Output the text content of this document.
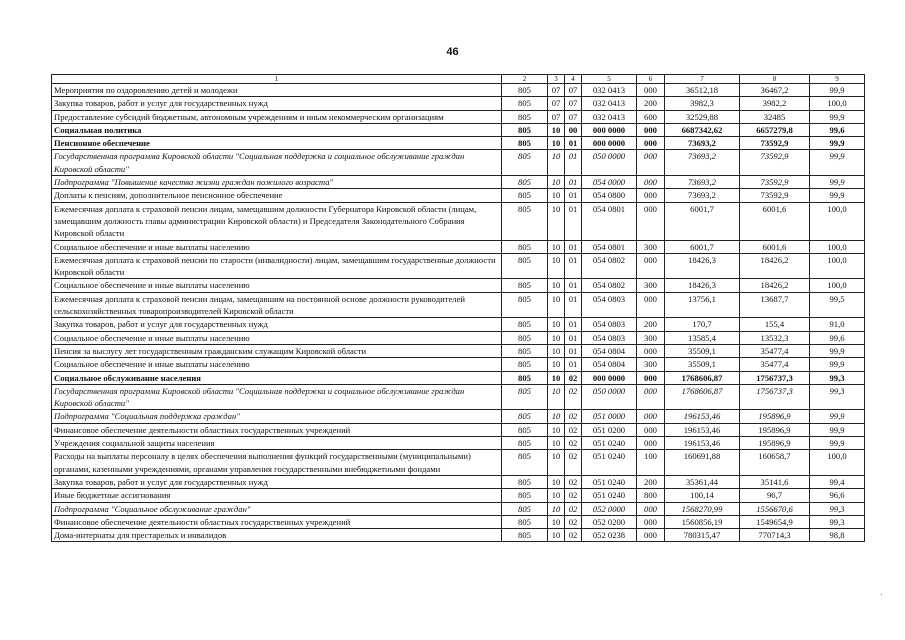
46
1	2	3	4	5	6	7	8	9
Мероприятия по оздоровлению детей и молодежи	805	07	07	032 0413	000	36512,18	36467,2	99,9
Закупка товаров, работ и услуг для государственных нужд	805	07	07	032 0413	200	3982,3	3982,2	100,0
Предоставление субсидий бюджетным, автономным учреждениям и иным некоммерческим организациям	805	07	07	032 0413	600	32529,88	32485	99,9
Социальная политика	805	10	00	000 0000	000	6687342,62	6657279,8	99,6
Пенсионное обеспечение	805	10	01	000 0000	000	73693,2	73592,9	99,9
Государственная программа Кировской области "Социальная поддержка и социальное обслуживание граждан Кировской области"	805	10	01	050 0000	000	73693,2	73592,9	99,9
Подпрограмма "Повышение качества жизни граждан пожилого возраста"	805	10	01	054 0000	000	73693,2	73592,9	99,9
Доплаты к пенсиям, дополнительное пенсионное обеспечение	805	10	01	054 0800	000	73693,2	73592,9	99,9
Ежемесячная доплата к страховой пенсии лицам, замещавшим должности Губернатора Кировской области (лицам, замещавшим должность главы администрации Кировской области) и Председателя Законодательного Собрания Кировской области	805	10	01	054 0801	000	6001,7	6001,6	100,0
Социальное обеспечение и иные выплаты населению	805	10	01	054 0801	300	6001,7	6001,6	100,0
Ежемесячная доплата к страховой пенсии по старости (инвалидности) лицам, замещавшим государственные должности Кировской области	805	10	01	054 0802	000	18426,3	18426,2	100,0
Социальное обеспечение и иные выплаты населению	805	10	01	054 0802	300	18426,3	18426,2	100,0
Ежемесячная доплата к страховой пенсии лицам, замещавшим на постоянной основе должности руководителей сельскохозяйственных товаропроизводителей Кировской области	805	10	01	054 0803	000	13756,1	13687,7	99,5
Закупка товаров, работ и услуг для государственных нужд	805	10	01	054 0803	200	170,7	155,4	91,0
Социальное обеспечение и иные выплаты населению	805	10	01	054 0803	300	13585,4	13532,3	99,6
Пенсия за выслугу лет государственным гражданским служащим Кировской области	805	10	01	054 0804	000	35509,1	35477,4	99,9
Социальное обеспечение и иные выплаты населению	805	10	01	054 0804	300	35509,1	35477,4	99,9
Социальное обслуживание населения	805	10	02	000 0000	000	1768606,87	1756737,3	99,3
Государственная программа Кировской области "Социальная поддержка и социальное обслуживание граждан Кировской области"	805	10	02	050 0000	000	1768606,87	1756737,3	99,3
Подпрограмма "Социальная поддержка граждан"	805	10	02	051 0000	000	196153,46	195896,9	99,9
Финансовое обеспечение деятельности областных государственных учреждений	805	10	02	051 0200	000	196153,46	195896,9	99,9
Учреждения социальной защиты населения	805	10	02	051 0240	000	196153,46	195896,9	99,9
Расходы на выплаты персоналу в целях обеспечения выполнения функций государственными (муниципальными) органами, казенными учреждениями, органами управления государственными внебюджетными фондами	805	10	02	051 0240	100	160691,88	160658,7	100,0
Закупка товаров, работ и услуг для государственных нужд	805	10	02	051 0240	200	35361,44	35141,6	99,4
Иные бюджетные ассигнования	805	10	02	051 0240	800	100,14	96,7	96,6
Подпрограмма "Социальное обслуживание граждан"	805	10	02	052 0000	000	1568270,99	1556670,6	99,3
Финансовое обеспечение деятельности областных государственных учреждений	805	10	02	052 0200	000	1560856,19	1549654,9	99,3
Дома-интернаты для престарелых и инвалидов	805	10	02	052 0238	000	780315,47	770714,3	98,8
·
